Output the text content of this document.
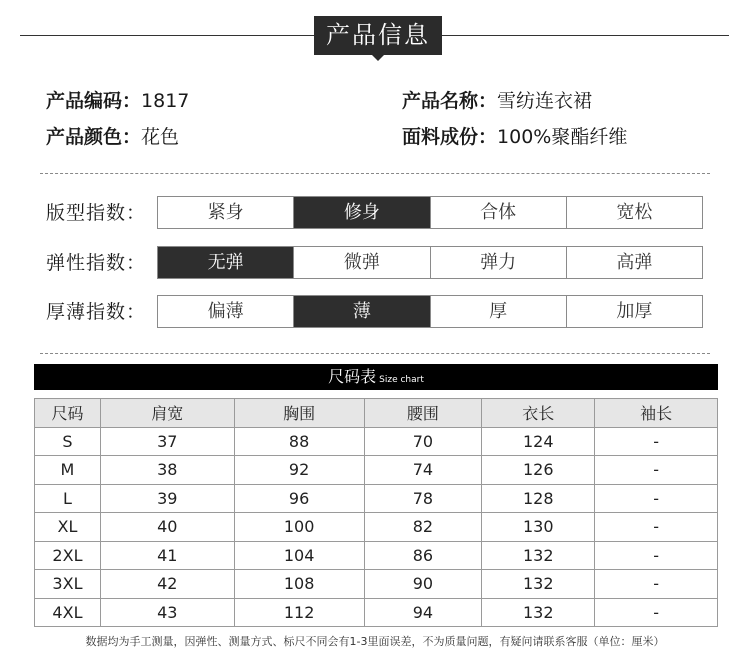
产品信息
产品编码：1817	产品名称：雪纺连衣裙
产品颜色：花色	面料成份：100%聚酯纤维
版型指数：	紧身	修身	合体	宽松
弹性指数：	无弹	微弹	弹力	高弹
厚薄指数：	偏薄	薄	厚	加厚
尺码表 Size chart
尺码	肩宽	胸围	腰围	衣长	袖长
S	37	88	70	124	-
M	38	92	74	126	-
L	39	96	78	128	-
XL	40	100	82	130	-
2XL	41	104	86	132	-
3XL	42	108	90	132	-
4XL	43	112	94	132	-
数据均为手工测量，因弹性、测量方式、标尺不同会有1-3里面误差，不为质量问题，有疑问请联系客服（单位：厘米）
